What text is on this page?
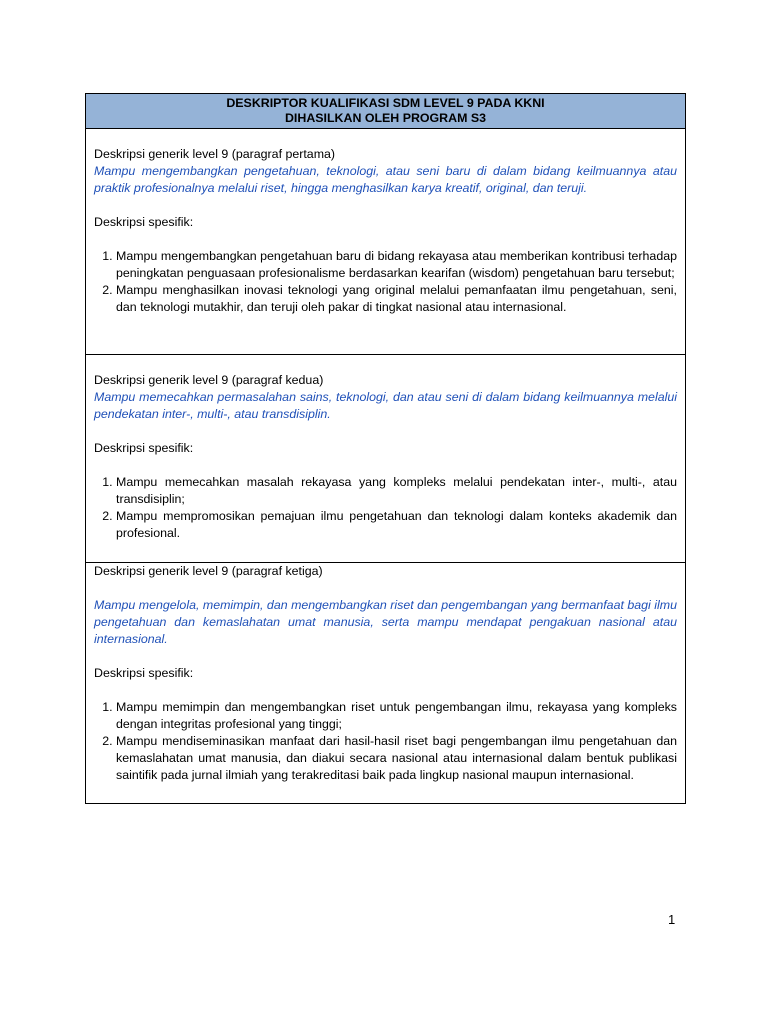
DESKRIPTOR KUALIFIKASI SDM LEVEL 9 PADA KKNI
DIHASILKAN OLEH PROGRAM S3

Deskripsi generik level 9 (paragraf pertama)

Mampu mengembangkan pengetahuan, teknologi, atau seni baru di dalam bidang keilmuannya atau praktik profesionalnya melalui riset, hingga menghasilkan karya kreatif, original, dan teruji.

Deskripsi spesifik:

1. Mampu mengembangkan pengetahuan baru di bidang rekayasa atau memberikan kontribusi terhadap peningkatan penguasaan profesionalisme berdasarkan kearifan (wisdom) pengetahuan baru tersebut;
2. Mampu menghasilkan inovasi teknologi yang original melalui pemanfaatan ilmu pengetahuan, seni, dan teknologi mutakhir, dan teruji oleh pakar di tingkat nasional atau internasional.

Deskripsi generik level 9 (paragraf kedua)

Mampu memecahkan permasalahan sains, teknologi, dan atau seni di dalam bidang keilmuannya melalui pendekatan inter-, multi-, atau transdisiplin.

Deskripsi spesifik:

1. Mampu memecahkan masalah rekayasa yang kompleks melalui pendekatan inter-, multi-, atau transdisiplin;
2. Mampu mempromosikan pemajuan ilmu pengetahuan dan teknologi dalam konteks akademik dan profesional.

Deskripsi generik level 9 (paragraf ketiga)

Mampu mengelola, memimpin, dan mengembangkan riset dan pengembangan yang bermanfaat bagi ilmu pengetahuan dan kemaslahatan umat manusia, serta mampu mendapat pengakuan nasional atau internasional.

Deskripsi spesifik:

1. Mampu memimpin dan mengembangkan riset untuk pengembangan ilmu, rekayasa yang kompleks dengan integritas profesional yang tinggi;
2. Mampu mendiseminasikan manfaat dari hasil-hasil riset bagi pengembangan ilmu pengetahuan dan kemaslahatan umat manusia, dan diakui secara nasional atau internasional dalam bentuk publikasi saintifik pada jurnal ilmiah yang terakreditasi baik pada lingkup nasional maupun internasional.
1
